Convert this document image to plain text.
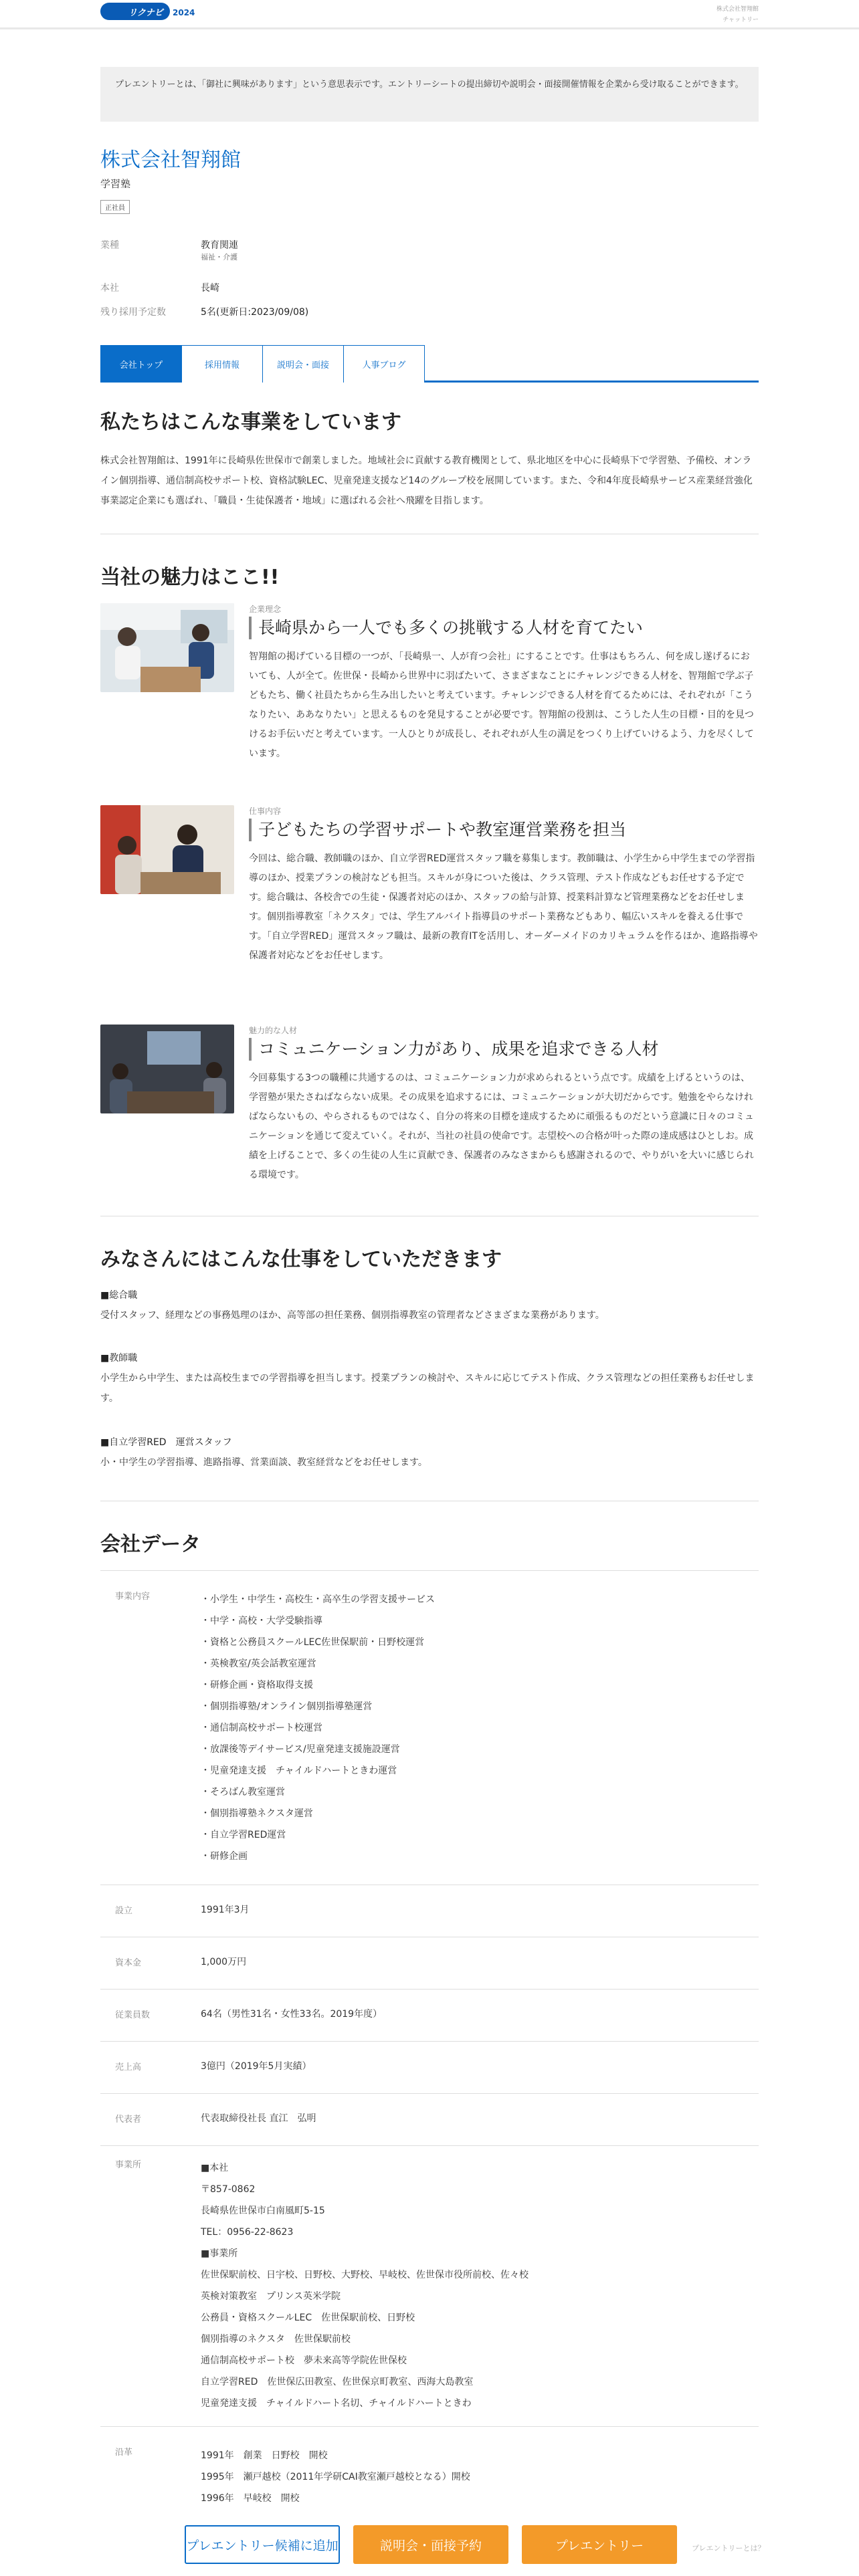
リクナビ 2024	株式会社智翔館
チャットリー
プレエントリーとは、「御社に興味があります」という意思表示です。エントリーシートの提出締切や説明会・面接開催情報を企業から受け取ることができます。
株式会社智翔館
学習塾
正社員
業種	教育関連
福祉・介護
本社	長崎
残り採用予定数	5名(更新日:2023/09/08)
会社トップ	採用情報	説明会・面接	人事ブログ
私たちはこんな事業をしています

株式会社智翔館は、1991年に長崎県佐世保市で創業しました。地域社会に貢献する教育機関として、県北地区を中心に長崎県下で学習塾、予備校、オンライン個別指導、通信制高校サポート校、資格試験LEC、児童発達支援など14のグループ校を展開しています。また、令和4年度長崎県サービス産業経営強化事業認定企業にも選ばれ、「職員・生徒保護者・地域」に選ばれる会社へ飛躍を目指します。

当社の魅力はここ!!
企業理念
長崎県から一人でも多くの挑戦する人材を育てたい
智翔館の掲げている目標の一つが、「長崎県一、人が育つ会社」にすることです。仕事はもちろん、何を成し遂げるにおいても、人が全て。佐世保・長崎から世界中に羽ばたいて、さまざまなことにチャレンジできる人材を、智翔館で学ぶ子どもたち、働く社員たちから生み出したいと考えています。チャレンジできる人材を育てるためには、それぞれが「こうなりたい、ああなりたい」と思えるものを発見することが必要です。智翔館の役割は、こうした人生の目標・目的を見つけるお手伝いだと考えています。一人ひとりが成長し、それぞれが人生の満足をつくり上げていけるよう、力を尽くしています。
仕事内容
子どもたちの学習サポートや教室運営業務を担当
今回は、総合職、教師職のほか、自立学習RED運営スタッフ職を募集します。教師職は、小学生から中学生までの学習指導のほか、授業プランの検討なども担当。スキルが身についた後は、クラス管理、テスト作成などもお任せする予定です。総合職は、各校舎での生徒・保護者対応のほか、スタッフの給与計算、授業料計算など管理業務などをお任せします。個別指導教室「ネクスタ」では、学生アルバイト指導員のサポート業務などもあり、幅広いスキルを養える仕事です。「自立学習RED」運営スタッフ職は、最新の教育ITを活用し、オーダーメイドのカリキュラムを作るほか、進路指導や保護者対応などをお任せします。
魅力的な人材
コミュニケーション力があり、成果を追求できる人材
今回募集する3つの職種に共通するのは、コミュニケーション力が求められるという点です。成績を上げるというのは、学習塾が果たさねばならない成果。その成果を追求するには、コミュニケーションが大切だからです。勉強をやらなければならないもの、やらされるものではなく、自分の将来の目標を達成するために頑張るものだという意識に日々のコミュニケーションを通じて変えていく。それが、当社の社員の使命です。志望校への合格が叶った際の達成感はひとしお。成績を上げることで、多くの生徒の人生に貢献でき、保護者のみなさまからも感謝されるので、やりがいを大いに感じられる環境です。
みなさんにはこんな仕事をしていただきます
■総合職
受付スタッフ、経理などの事務処理のほか、高等部の担任業務、個別指導教室の管理者などさまざまな業務があります。
■教師職
小学生から中学生、または高校生までの学習指導を担当します。授業プランの検討や、スキルに応じてテスト作成、クラス管理などの担任業務もお任せします。
■自立学習RED　運営スタッフ
小・中学生の学習指導、進路指導、営業面談、教室経営などをお任せします。
会社データ
事業内容	・小学生・中学生・高校生・高卒生の学習支援サービス
・中学・高校・大学受験指導
・資格と公務員スクールLEC佐世保駅前・日野校運営
・英検教室/英会話教室運営
・研修企画・資格取得支援
・個別指導塾/オンライン個別指導塾運営
・通信制高校サポート校運営
・放課後等デイサービス/児童発達支援施設運営
・児童発達支援　チャイルドハートときわ運営
・そろばん教室運営
・個別指導塾ネクスタ運営
・自立学習RED運営
・研修企画
設立	1991年3月
資本金	1,000万円
従業員数	64名（男性31名・女性33名。2019年度）
売上高	3億円（2019年5月実績）
代表者	代表取締役社長 直江　弘明
事業所	■本社
〒857-0862
長崎県佐世保市白南風町5-15
TEL：0956-22-8623
■事業所
佐世保駅前校、日宇校、日野校、大野校、早岐校、佐世保市役所前校、佐々校
英検対策教室　プリンス英米学院
公務員・資格スクールLEC　佐世保駅前校、日野校
個別指導のネクスタ　佐世保駅前校
通信制高校サポート校　夢未来高等学院佐世保校
自立学習RED　佐世保広田教室、佐世保京町教室、西海大島教室
児童発達支援　チャイルドハート名切、チャイルドハートときわ
沿革	1991年　創業　日野校　開校
1995年　瀬戸越校（2011年学研CAI教室瀬戸越校となる）開校
1996年　早岐校　開校
プレエントリー候補に追加	説明会・面接予約	プレエントリー	プレエントリーとは？
